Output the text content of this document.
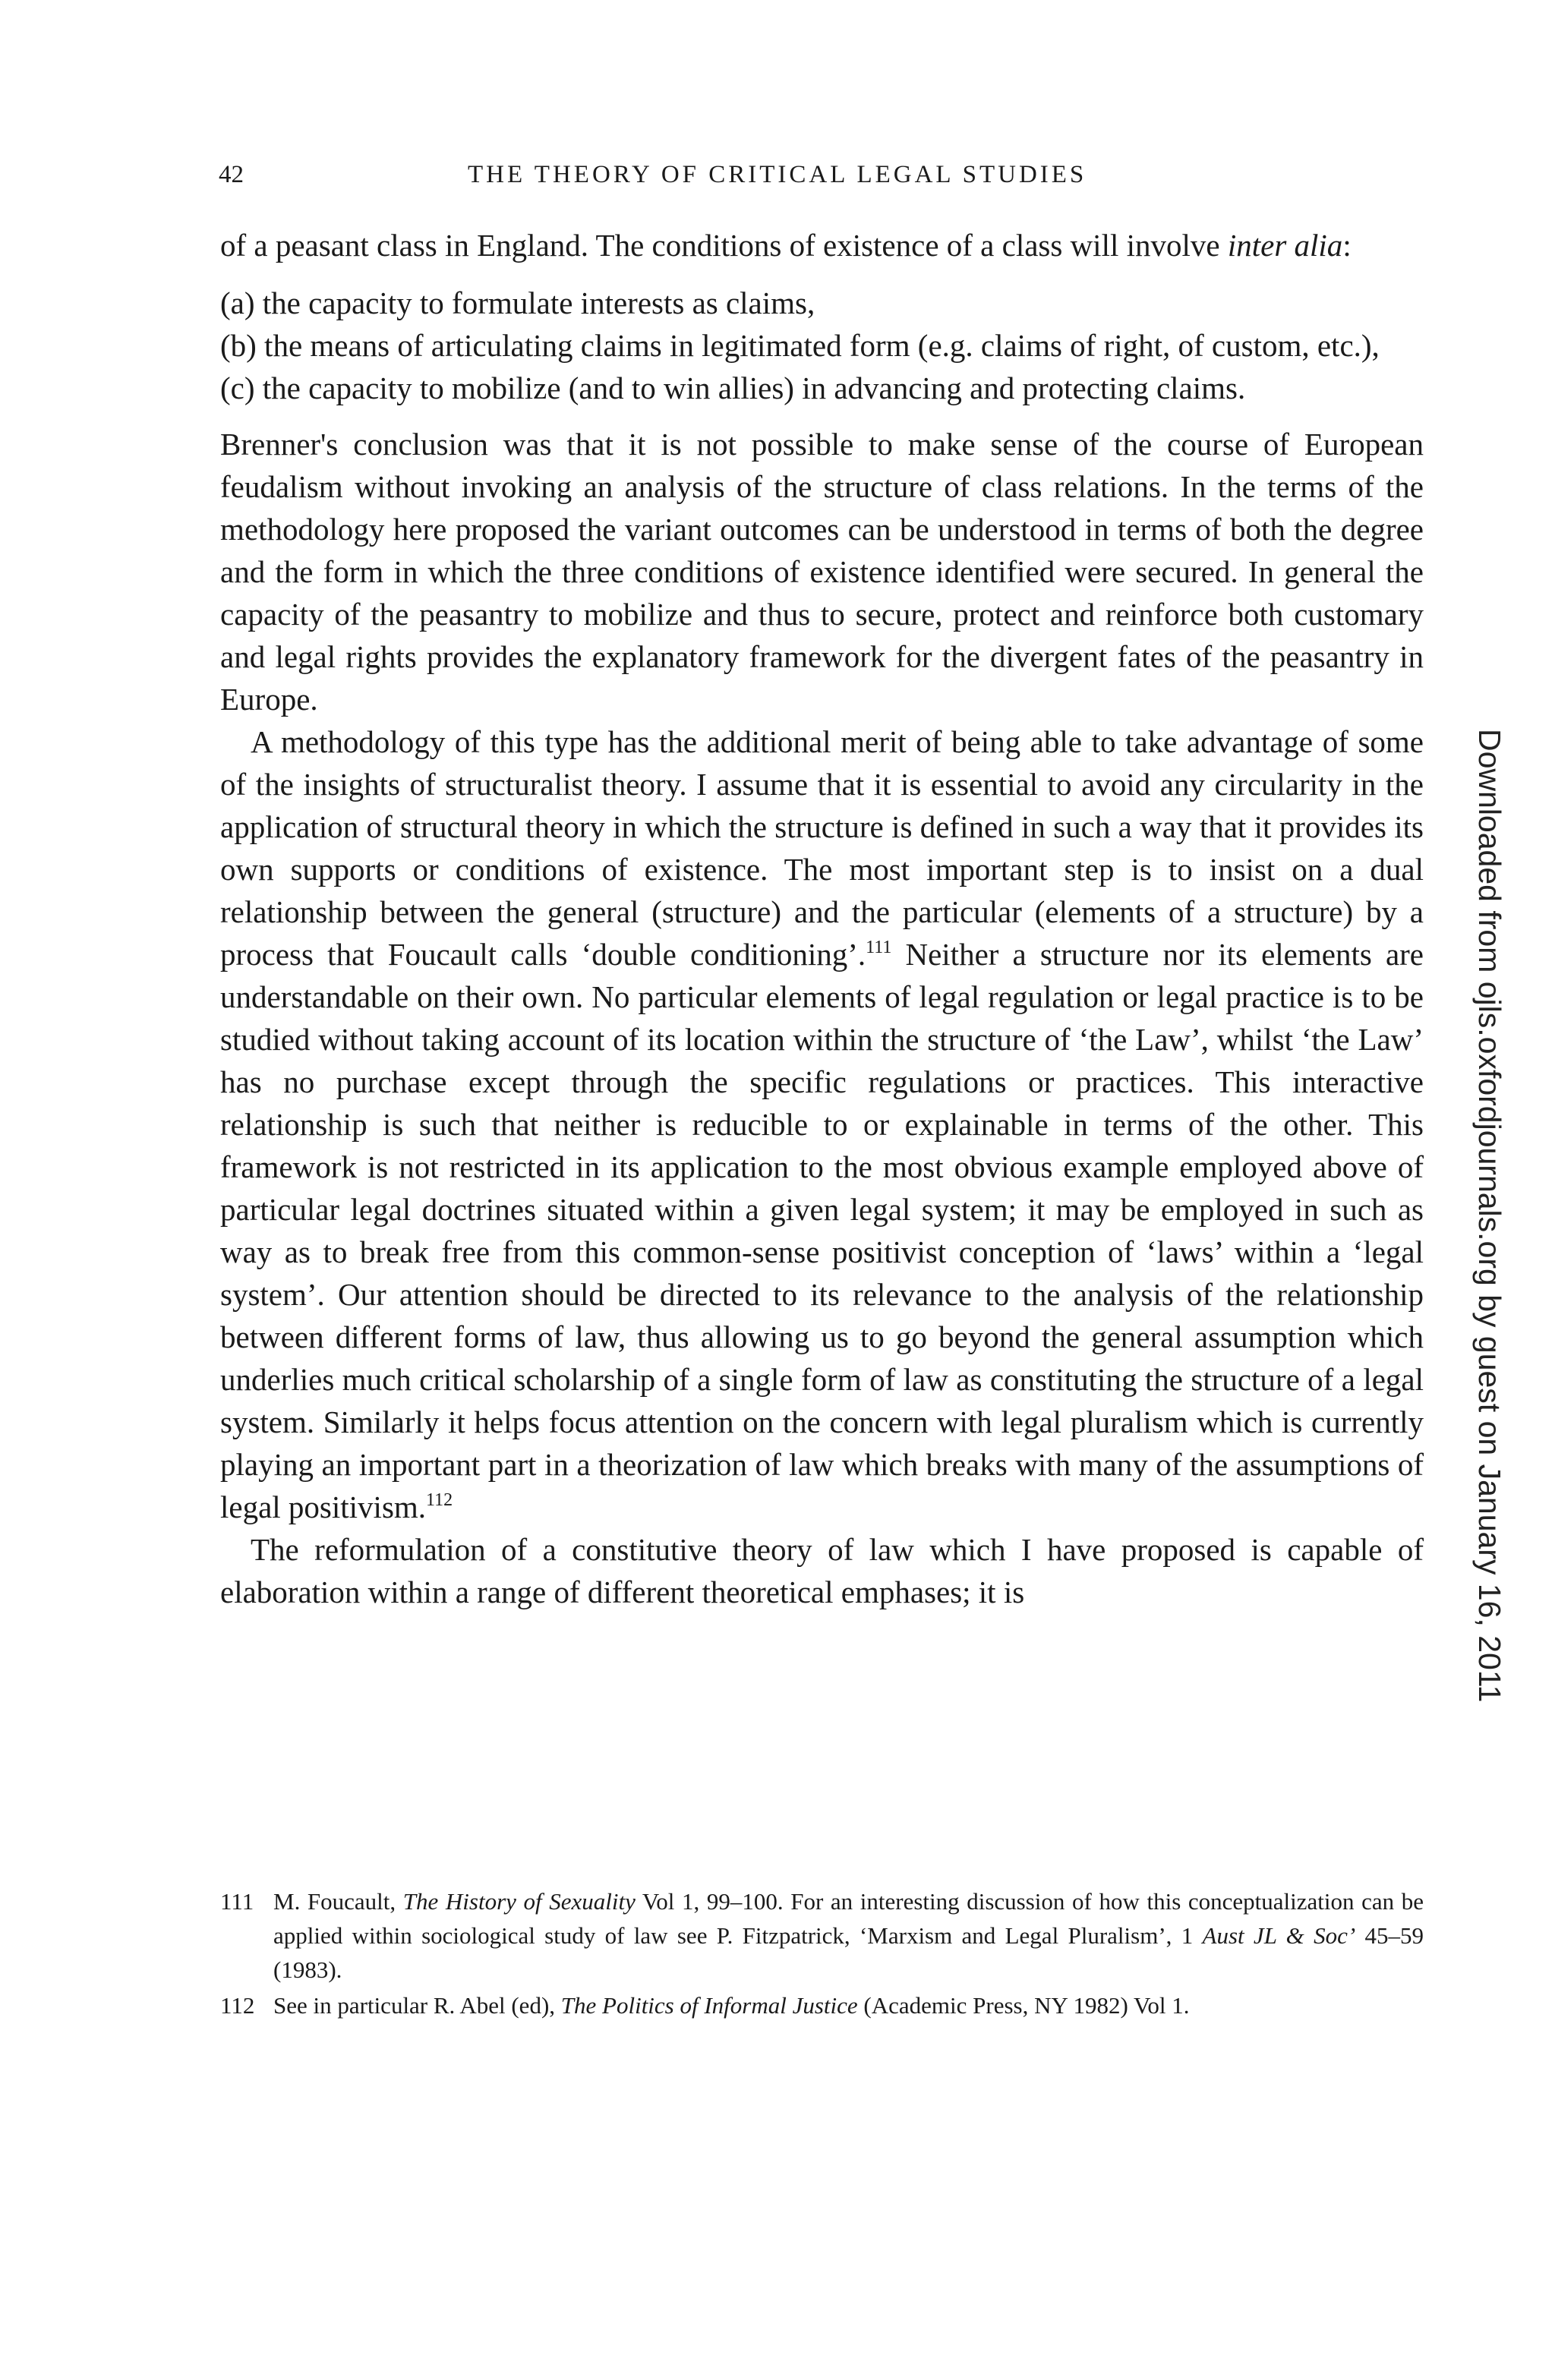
42	THE THEORY OF CRITICAL LEGAL STUDIES

of a peasant class in England. The conditions of existence of a class will involve inter alia:

(a) the capacity to formulate interests as claims,

(b) the means of articulating claims in legitimated form (e.g. claims of right, of custom, etc.),

(c) the capacity to mobilize (and to win allies) in advancing and protecting claims.

Brenner's conclusion was that it is not possible to make sense of the course of European feudalism without invoking an analysis of the structure of class relations. In the terms of the methodology here proposed the variant outcomes can be understood in terms of both the degree and the form in which the three conditions of existence identified were secured. In general the capacity of the peasantry to mobilize and thus to secure, protect and reinforce both customary and legal rights provides the explanatory framework for the divergent fates of the peasantry in Europe.

A methodology of this type has the additional merit of being able to take advantage of some of the insights of structuralist theory. I assume that it is essential to avoid any circularity in the application of structural theory in which the structure is defined in such a way that it provides its own supports or conditions of existence. The most important step is to insist on a dual relationship between the general (structure) and the particular (elements of a structure) by a process that Foucault calls ‘double conditioning’.$^{111}$ Neither a structure nor its elements are understandable on their own. No particular elements of legal regulation or legal practice is to be studied without taking account of its location within the structure of ‘the Law’, whilst ‘the Law’ has no purchase except through the specific regulations or practices. This interactive relationship is such that neither is reducible to or explainable in terms of the other. This framework is not restricted in its application to the most obvious example employed above of particular legal doctrines situated within a given legal system; it may be employed in such as way as to break free from this common-sense positivist conception of ‘laws’ within a ‘legal system’. Our attention should be directed to its relevance to the analysis of the relationship between different forms of law, thus allowing us to go beyond the general assumption which underlies much critical scholarship of a single form of law as constituting the structure of a legal system. Similarly it helps focus attention on the concern with legal pluralism which is currently playing an important part in a theorization of law which breaks with many of the assumptions of legal positivism.$^{112}$

The reformulation of a constitutive theory of law which I have proposed is capable of elaboration within a range of different theoretical emphases; it is

111 M. Foucault, The History of Sexuality Vol 1, 99–100. For an interesting discussion of how this conceptualization can be applied within sociological study of law see P. Fitzpatrick, ‘Marxism and Legal Pluralism’, 1 Aust JL & Soc’ 45–59 (1983).

112 See in particular R. Abel (ed), The Politics of Informal Justice (Academic Press, NY 1982) Vol 1.

Downloaded from ojls.oxfordjournals.org by guest on January 16, 2011
